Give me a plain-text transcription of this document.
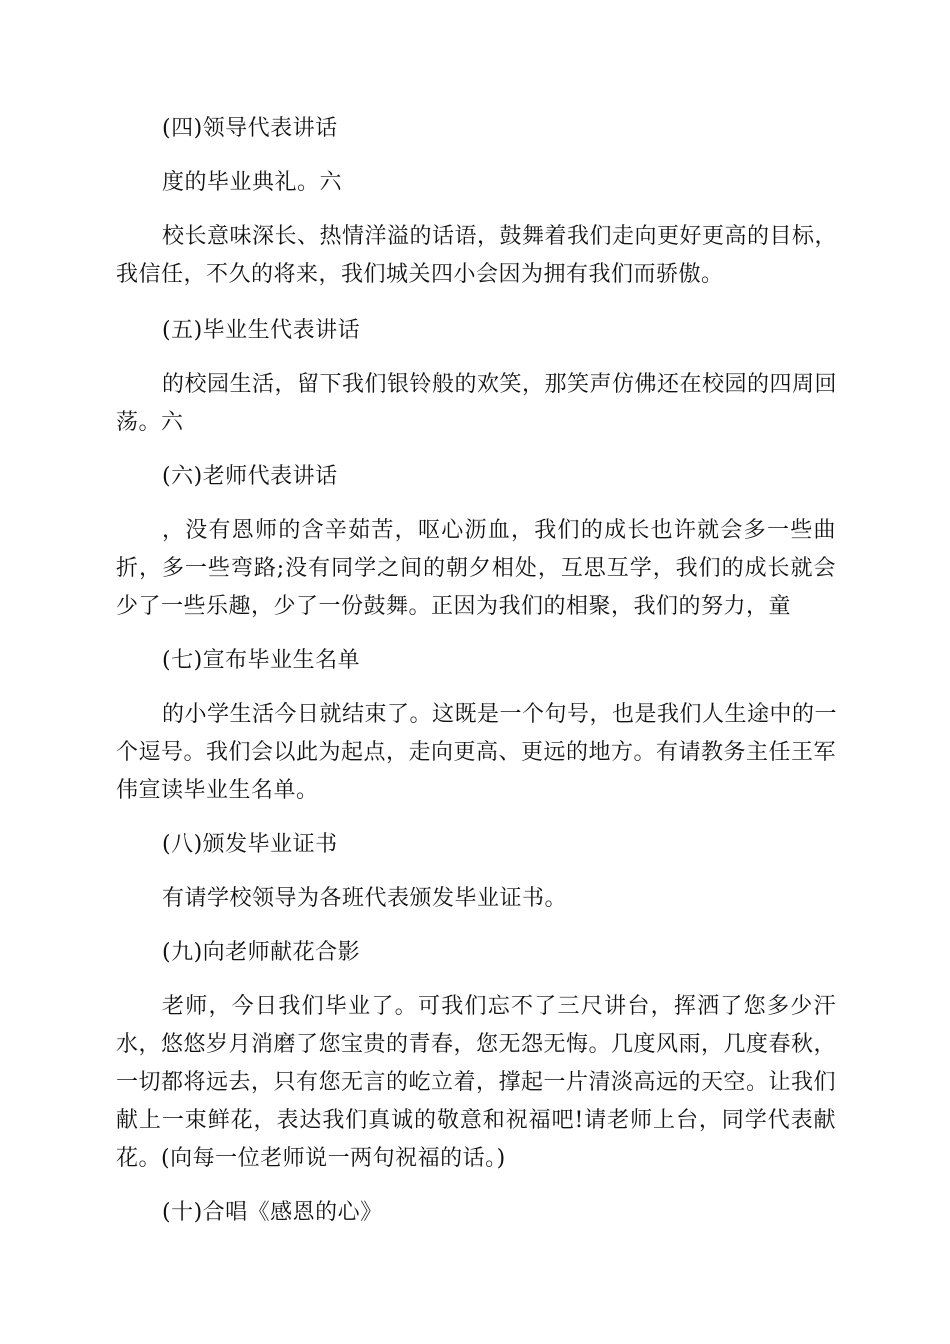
(四)领导代表讲话
度的毕业典礼。六
校长意味深长、热情洋溢的话语，鼓舞着我们走向更好更高的目标，
我信任，不久的将来，我们城关四小会因为拥有我们而骄傲。
(五)毕业生代表讲话
的校园生活，留下我们银铃般的欢笑，那笑声仿佛还在校园的四周回
荡。六
(六)老师代表讲话
，没有恩师的含辛茹苦，呕心沥血，我们的成长也许就会多一些曲
折，多一些弯路;没有同学之间的朝夕相处，互思互学，我们的成长就会
少了一些乐趣，少了一份鼓舞。正因为我们的相聚，我们的努力，童
(七)宣布毕业生名单
的小学生活今日就结束了。这既是一个句号，也是我们人生途中的一
个逗号。我们会以此为起点，走向更高、更远的地方。有请教务主任王军
伟宣读毕业生名单。
(八)颁发毕业证书
有请学校领导为各班代表颁发毕业证书。
(九)向老师献花合影
老师，今日我们毕业了。可我们忘不了三尺讲台，挥洒了您多少汗
水，悠悠岁月消磨了您宝贵的青春，您无怨无悔。几度风雨，几度春秋，
一切都将远去，只有您无言的屹立着，撑起一片清淡高远的天空。让我们
献上一束鲜花，表达我们真诚的敬意和祝福吧!请老师上台，同学代表献
花。(向每一位老师说一两句祝福的话。)
(十)合唱《感恩的心》
